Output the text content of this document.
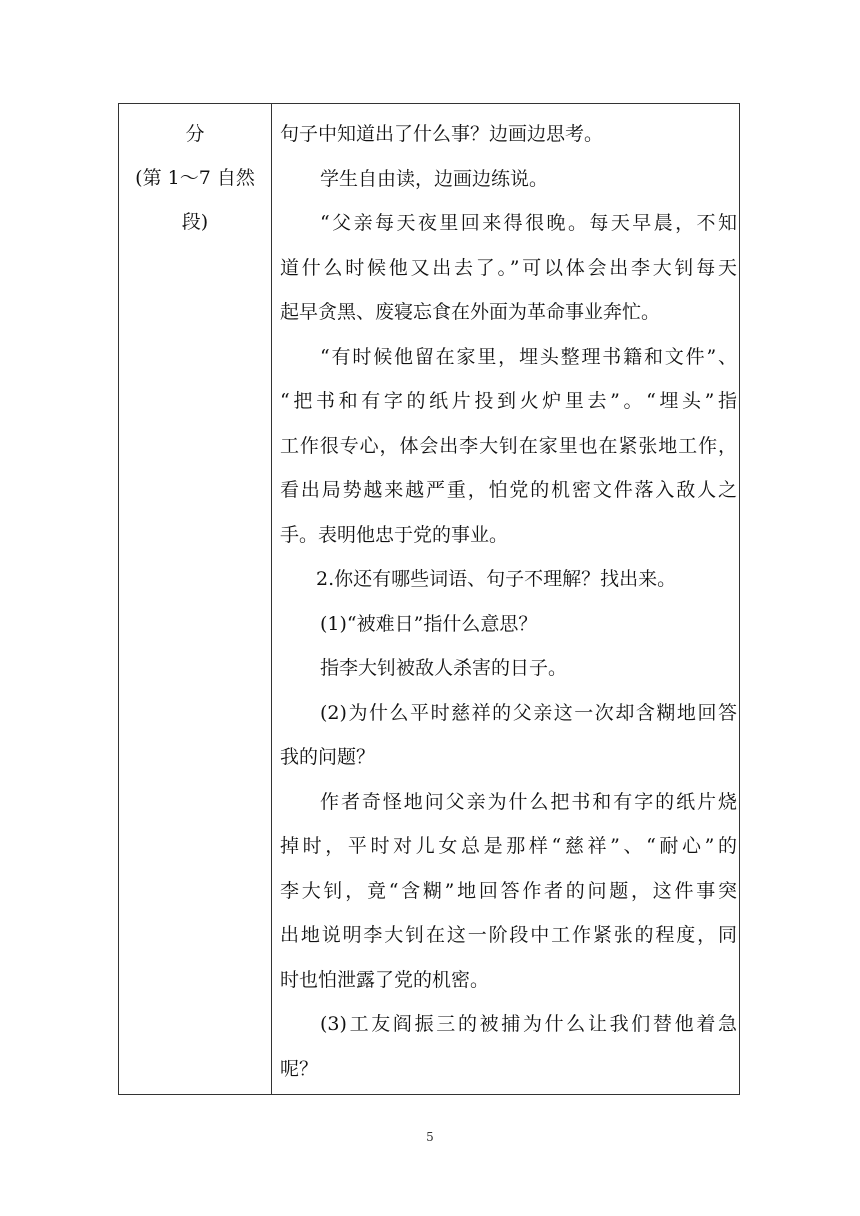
分
(第 1～7 自然
段)
句子中知道出了什么事？边画边思考。
学生自由读，边画边练说。
“父亲每天夜里回来得很晚。每天早晨，不知
道什么时候他又出去了。”可以体会出李大钊每天
起早贪黑、废寝忘食在外面为革命事业奔忙。
“有时候他留在家里，埋头整理书籍和文件”、
“把书和有字的纸片投到火炉里去”。“埋头”指
工作很专心，体会出李大钊在家里也在紧张地工作，
看出局势越来越严重，怕党的机密文件落入敌人之
手。表明他忠于党的事业。
2.你还有哪些词语、句子不理解？找出来。
(1)“被难日”指什么意思？
指李大钊被敌人杀害的日子。
(2)为什么平时慈祥的父亲这一次却含糊地回答
我的问题？
作者奇怪地问父亲为什么把书和有字的纸片烧
掉时，平时对儿女总是那样“慈祥”、“耐心”的
李大钊，竟“含糊”地回答作者的问题，这件事突
出地说明李大钊在这一阶段中工作紧张的程度，同
时也怕泄露了党的机密。
(3)工友阎振三的被捕为什么让我们替他着急
呢？
5
